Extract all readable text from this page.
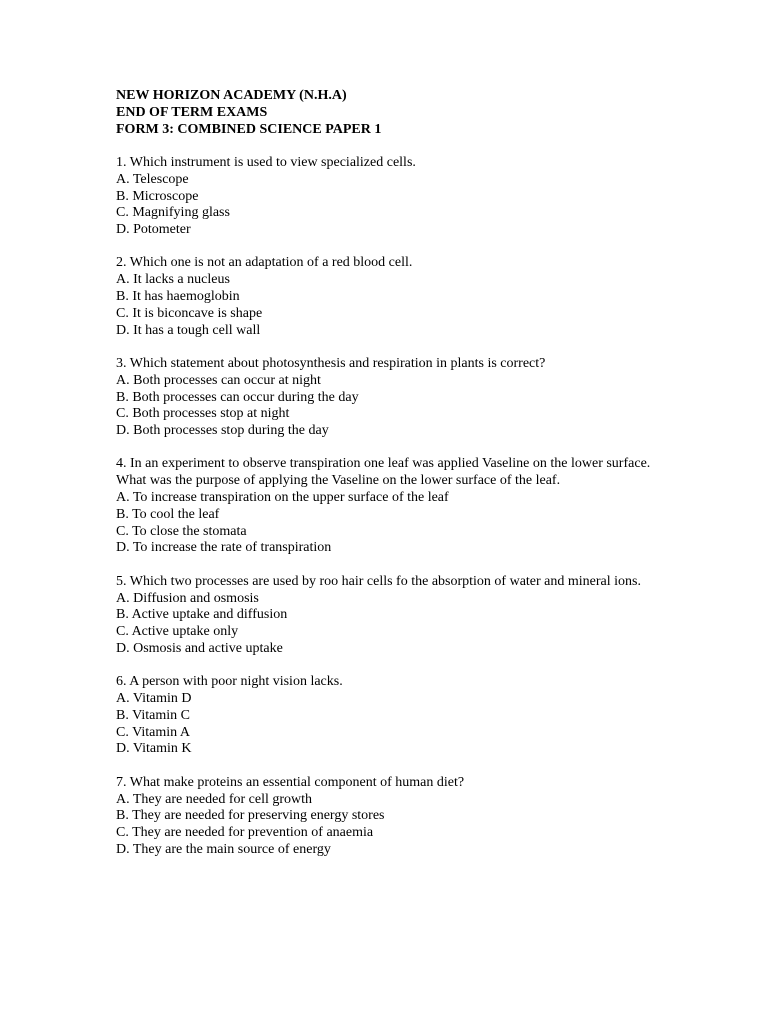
NEW HORIZON ACADEMY (N.H.A)

END OF TERM EXAMS

FORM 3: COMBINED SCIENCE PAPER 1

1. Which instrument is used to view specialized cells.

A. Telescope

B. Microscope

C. Magnifying glass

D. Potometer

2. Which one is not an adaptation of a red blood cell.

A. It lacks a nucleus

B. It has haemoglobin

C. It is biconcave is shape

D. It has a tough cell wall

3. Which statement about photosynthesis and respiration in plants is correct?

A. Both processes can occur at night

B. Both processes can occur during the day

C. Both processes stop at night

D. Both processes stop during the day

4. In an experiment to observe transpiration one leaf was applied Vaseline on the lower surface. What was the purpose of applying the Vaseline on the lower surface of the leaf.

A. To increase transpiration on the upper surface of the leaf

B. To cool the leaf

C. To close the stomata

D. To increase the rate of transpiration

5. Which two processes are used by roo hair cells fo the absorption of water and mineral ions.

A. Diffusion and osmosis

B. Active uptake and diffusion

C. Active uptake only

D. Osmosis and active uptake

6. A person with poor night vision lacks.

A. Vitamin D

B. Vitamin C

C. Vitamin A

D. Vitamin K

7. What make proteins an essential component of human diet?

A. They are needed for cell growth

B. They are needed for preserving energy stores

C. They are needed for prevention of anaemia

D. They are the main source of energy
